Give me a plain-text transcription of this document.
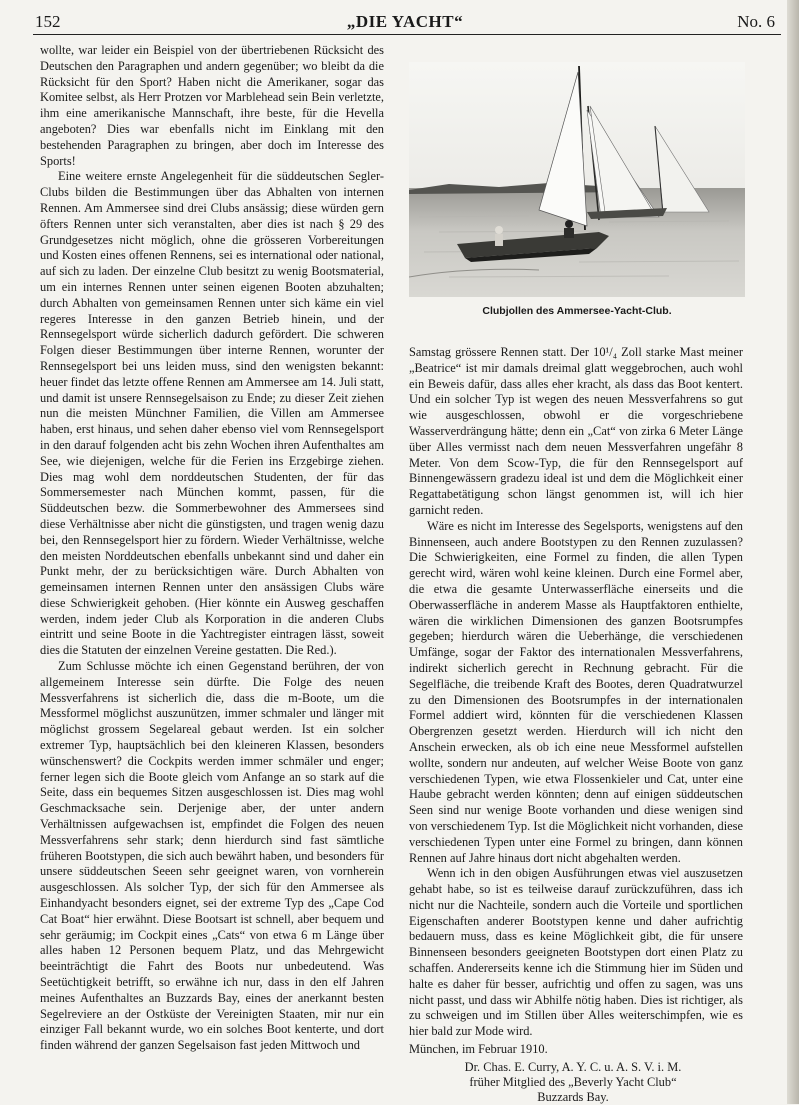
152	„DIE YACHT“	No. 6

wollte, war leider ein Beispiel von der übertriebenen Rücksicht des Deutschen den Paragraphen und andern gegenüber; wo bleibt da die Rücksicht für den Sport? Haben nicht die Amerikaner, sogar das Komitee selbst, als Herr Protzen vor Marblehead sein Bein verletzte, ihm eine amerikanische Mannschaft, ihre beste, für die Hevella angeboten? Dies war ebenfalls nicht im Einklang mit den bestehenden Paragraphen zu bringen, aber doch im Interesse des Sports!

Eine weitere ernste Angelegenheit für die süddeutschen Segler-Clubs bilden die Bestimmungen über das Abhalten von internen Rennen. Am Ammersee sind drei Clubs ansässig; diese würden gern öfters Rennen unter sich veranstalten, aber dies ist nach § 29 des Grundgesetzes nicht möglich, ohne die grösseren Vorbereitungen und Kosten eines offenen Rennens, sei es international oder national, auf sich zu laden. Der einzelne Club besitzt zu wenig Bootsmaterial, um ein internes Rennen unter seinen eigenen Booten abzuhalten; durch Abhalten von gemeinsamen Rennen unter sich käme ein viel regeres Interesse in den ganzen Betrieb hinein, und der Rennsegelsport würde sicherlich dadurch gefördert. Die schweren Folgen dieser Bestimmungen über interne Rennen, worunter der Rennsegelsport bei uns leiden muss, sind den wenigsten bekannt: heuer findet das letzte offene Rennen am Ammersee am 14. Juli statt, und damit ist unsere Rennsegelsaison zu Ende; zu dieser Zeit ziehen nun die meisten Münchner Familien, die Villen am Ammersee haben, erst hinaus, und sehen daher ebenso viel vom Rennsegelsport in den darauf folgenden acht bis zehn Wochen ihren Aufenthaltes am See, wie diejenigen, welche für die Ferien ins Erzgebirge ziehen. Dies mag wohl dem norddeutschen Studenten, der für das Sommersemester nach München kommt, passen, für die Süddeutschen bezw. die Sommerbewohner des Ammersees sind diese Verhältnisse aber nicht die günstigsten, und tragen wenig dazu bei, den Rennsegelsport hier zu fördern. Wieder Verhältnisse, welche den meisten Norddeutschen ebenfalls unbekannt sind und daher ein Punkt mehr, der zu berücksichtigen wäre. Durch Abhalten von gemeinsamen internen Rennen unter den ansässigen Clubs wäre diese Schwierigkeit gehoben. (Hier könnte ein Ausweg geschaffen werden, indem jeder Club als Korporation in die anderen Clubs eintritt und seine Boote in die Yachtregister eintragen lässt, soweit dies die Statuten der einzelnen Vereine gestatten. Die Red.).

Zum Schlusse möchte ich einen Gegenstand berühren, der von allgemeinem Interesse sein dürfte. Die Folge des neuen Messverfahrens ist sicherlich die, dass die m-Boote, um die Messformel möglichst auszunützen, immer schmaler und länger mit möglichst grossem Segelareal gebaut werden. Ist ein solcher extremer Typ, hauptsächlich bei den kleineren Klassen, besonders wünschenswert? die Cockpits werden immer schmäler und enger; ferner legen sich die Boote gleich vom Anfange an so stark auf die Seite, dass ein bequemes Sitzen ausgeschlossen ist. Dies mag wohl Geschmacksache sein. Derjenige aber, der unter andern Verhältnissen aufgewachsen ist, empfindet die Folgen des neuen Messverfahrens sehr stark; denn hierdurch sind fast sämtliche früheren Bootstypen, die sich auch bewährt haben, und besonders für unsere süddeutschen Seeen sehr geeignet waren, von vornherein ausgeschlossen. Als solcher Typ, der sich für den Ammersee als Einhandyacht besonders eignet, sei der extreme Typ des „Cape Cod Cat Boat“ hier erwähnt. Diese Bootsart ist schnell, aber bequem und sehr geräumig; im Cockpit eines „Cats“ von etwa 6 m Länge über alles haben 12 Personen bequem Platz, und das Mehrgewicht beeinträchtigt die Fahrt des Boots nur unbedeutend. Was Seetüchtigkeit betrifft, so erwähne ich nur, dass in den elf Jahren meines Aufenthaltes an Buzzards Bay, eines der anerkannt besten Segelreviere an der Ostküste der Vereinigten Staaten, mir nur ein einziger Fall bekannt wurde, wo ein solches Boot kenterte, und dort finden während der ganzen Segelsaison fast jeden Mittwoch und

Clubjollen des Ammersee-Yacht-Club.

Samstag grössere Rennen statt. Der 10¹/₄ Zoll starke Mast meiner „Beatrice“ ist mir damals dreimal glatt weggebrochen, auch wohl ein Beweis dafür, dass alles eher kracht, als dass das Boot kentert. Und ein solcher Typ ist wegen des neuen Messverfahrens so gut wie ausgeschlossen, obwohl er die vorgeschriebene Wasserverdrängung hätte; denn ein „Cat“ von zirka 6 Meter Länge über Alles vermisst nach dem neuen Messverfahren ungefähr 8 Meter. Von dem Scow-Typ, die für den Rennsegelsport auf Binnengewässern gradezu ideal ist und dem die Möglichkeit einer Regattabetätigung schon längst genommen ist, will ich hier garnicht reden.

Wäre es nicht im Interesse des Segelsports, wenigstens auf den Binnenseen, auch andere Bootstypen zu den Rennen zuzulassen? Die Schwierigkeiten, eine Formel zu finden, die allen Typen gerecht wird, wären wohl keine kleinen. Durch eine Formel aber, die etwa die gesamte Unterwasserfläche einerseits und die Oberwasserfläche in anderem Masse als Hauptfaktoren enthielte, wären die wirklichen Dimensionen des ganzen Bootsrumpfes gegeben; hierdurch wären die Ueberhänge, die verschiedenen Umfänge, sogar der Faktor des internationalen Messverfahrens, indirekt sicherlich gerecht in Rechnung gebracht. Für die Segelfläche, die treibende Kraft des Bootes, deren Quadratwurzel zu den Dimensionen des Bootsrumpfes in der internationalen Formel addiert wird, könnten für die verschiedenen Klassen Obergrenzen gesetzt werden. Hierdurch will ich nicht den Anschein erwecken, als ob ich eine neue Messformel aufstellen wollte, sondern nur andeuten, auf welcher Weise Boote von ganz verschiedenen Typen, wie etwa Flossenkieler und Cat, unter eine Haube gebracht werden könnten; denn auf einigen süddeutschen Seen sind nur wenige Boote vorhanden und diese wenigen sind von verschiedenem Typ. Ist die Möglichkeit nicht vorhanden, diese verschiedenen Typen unter eine Formel zu bringen, dann können Rennen auf Jahre hinaus dort nicht abgehalten werden.

Wenn ich in den obigen Ausführungen etwas viel auszusetzen gehabt habe, so ist es teilweise darauf zurückzuführen, dass ich nicht nur die Nachteile, sondern auch die Vorteile und sportlichen Eigenschaften anderer Bootstypen kenne und daher aufrichtig bedauern muss, dass es keine Möglichkeit gibt, die für unsere Binnenseen besonders geeigneten Bootstypen dort einen Platz zu schaffen. Andererseits kenne ich die Stimmung hier im Süden und halte es daher für besser, aufrichtig und offen zu sagen, was uns nicht passt, und dass wir Abhilfe nötig haben. Dies ist richtiger, als zu schweigen und im Stillen über Alles weiterschimpfen, wie es hier bald zur Mode wird.

München, im Februar 1910.

Dr. Chas. E. Curry, A. Y. C. u. A. S. V. i. M.
früher Mitglied des „Beverly Yacht Club“
Buzzards Bay.
